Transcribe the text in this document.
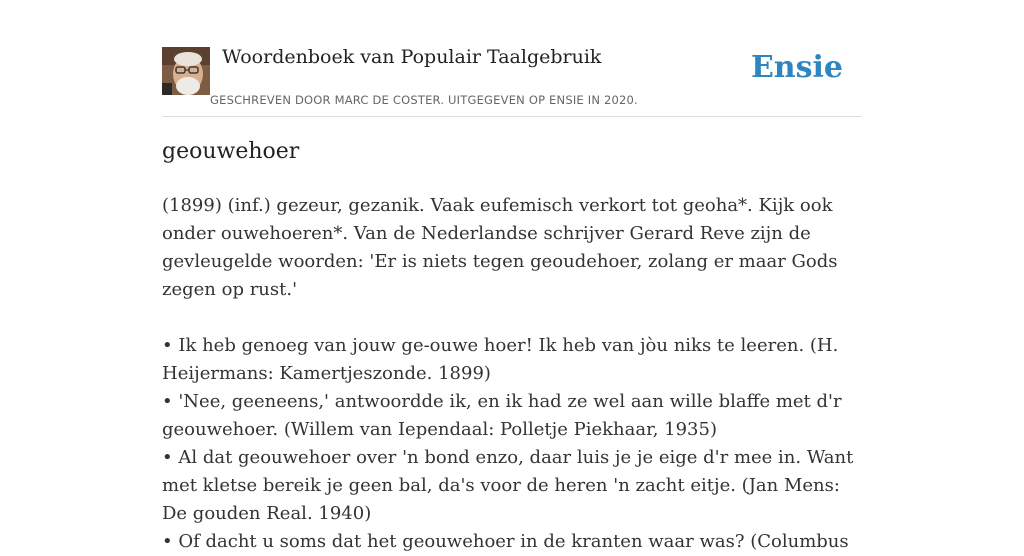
Woordenboek van Populair Taalgebruik
GESCHREVEN DOOR MARC DE COSTER. UITGEGEVEN OP ENSIE IN 2020.
Ensie
geouwehoer
(1899) (inf.) gezeur, gezanik. Vaak eufemisch verkort tot geoha*. Kijk ook onder ouwehoeren*. Van de Nederlandse schrijver Gerard Reve zijn de gevleugelde woorden: 'Er is niets tegen geoudehoer, zolang er maar Gods zegen op rust.'

• Ik heb genoeg van jouw ge-ouwe hoer! Ik heb van jòu niks te leeren. (H. Heijermans: Kamertjeszonde. 1899)
• 'Nee, geeneens,' antwoordde ik, en ik had ze wel aan wille blaffe met d'r geouwehoer. (Willem van Iependaal: Polletje Piekhaar, 1935)
• Al dat geouwehoer over 'n bond enzo, daar luis je je eige d'r mee in. Want met kletse bereik je geen bal, da's voor de heren 'n zacht eitje. (Jan Mens: De gouden Real. 1940)
• Of dacht u soms dat het geouwehoer in de kranten waar was? (Columbus
